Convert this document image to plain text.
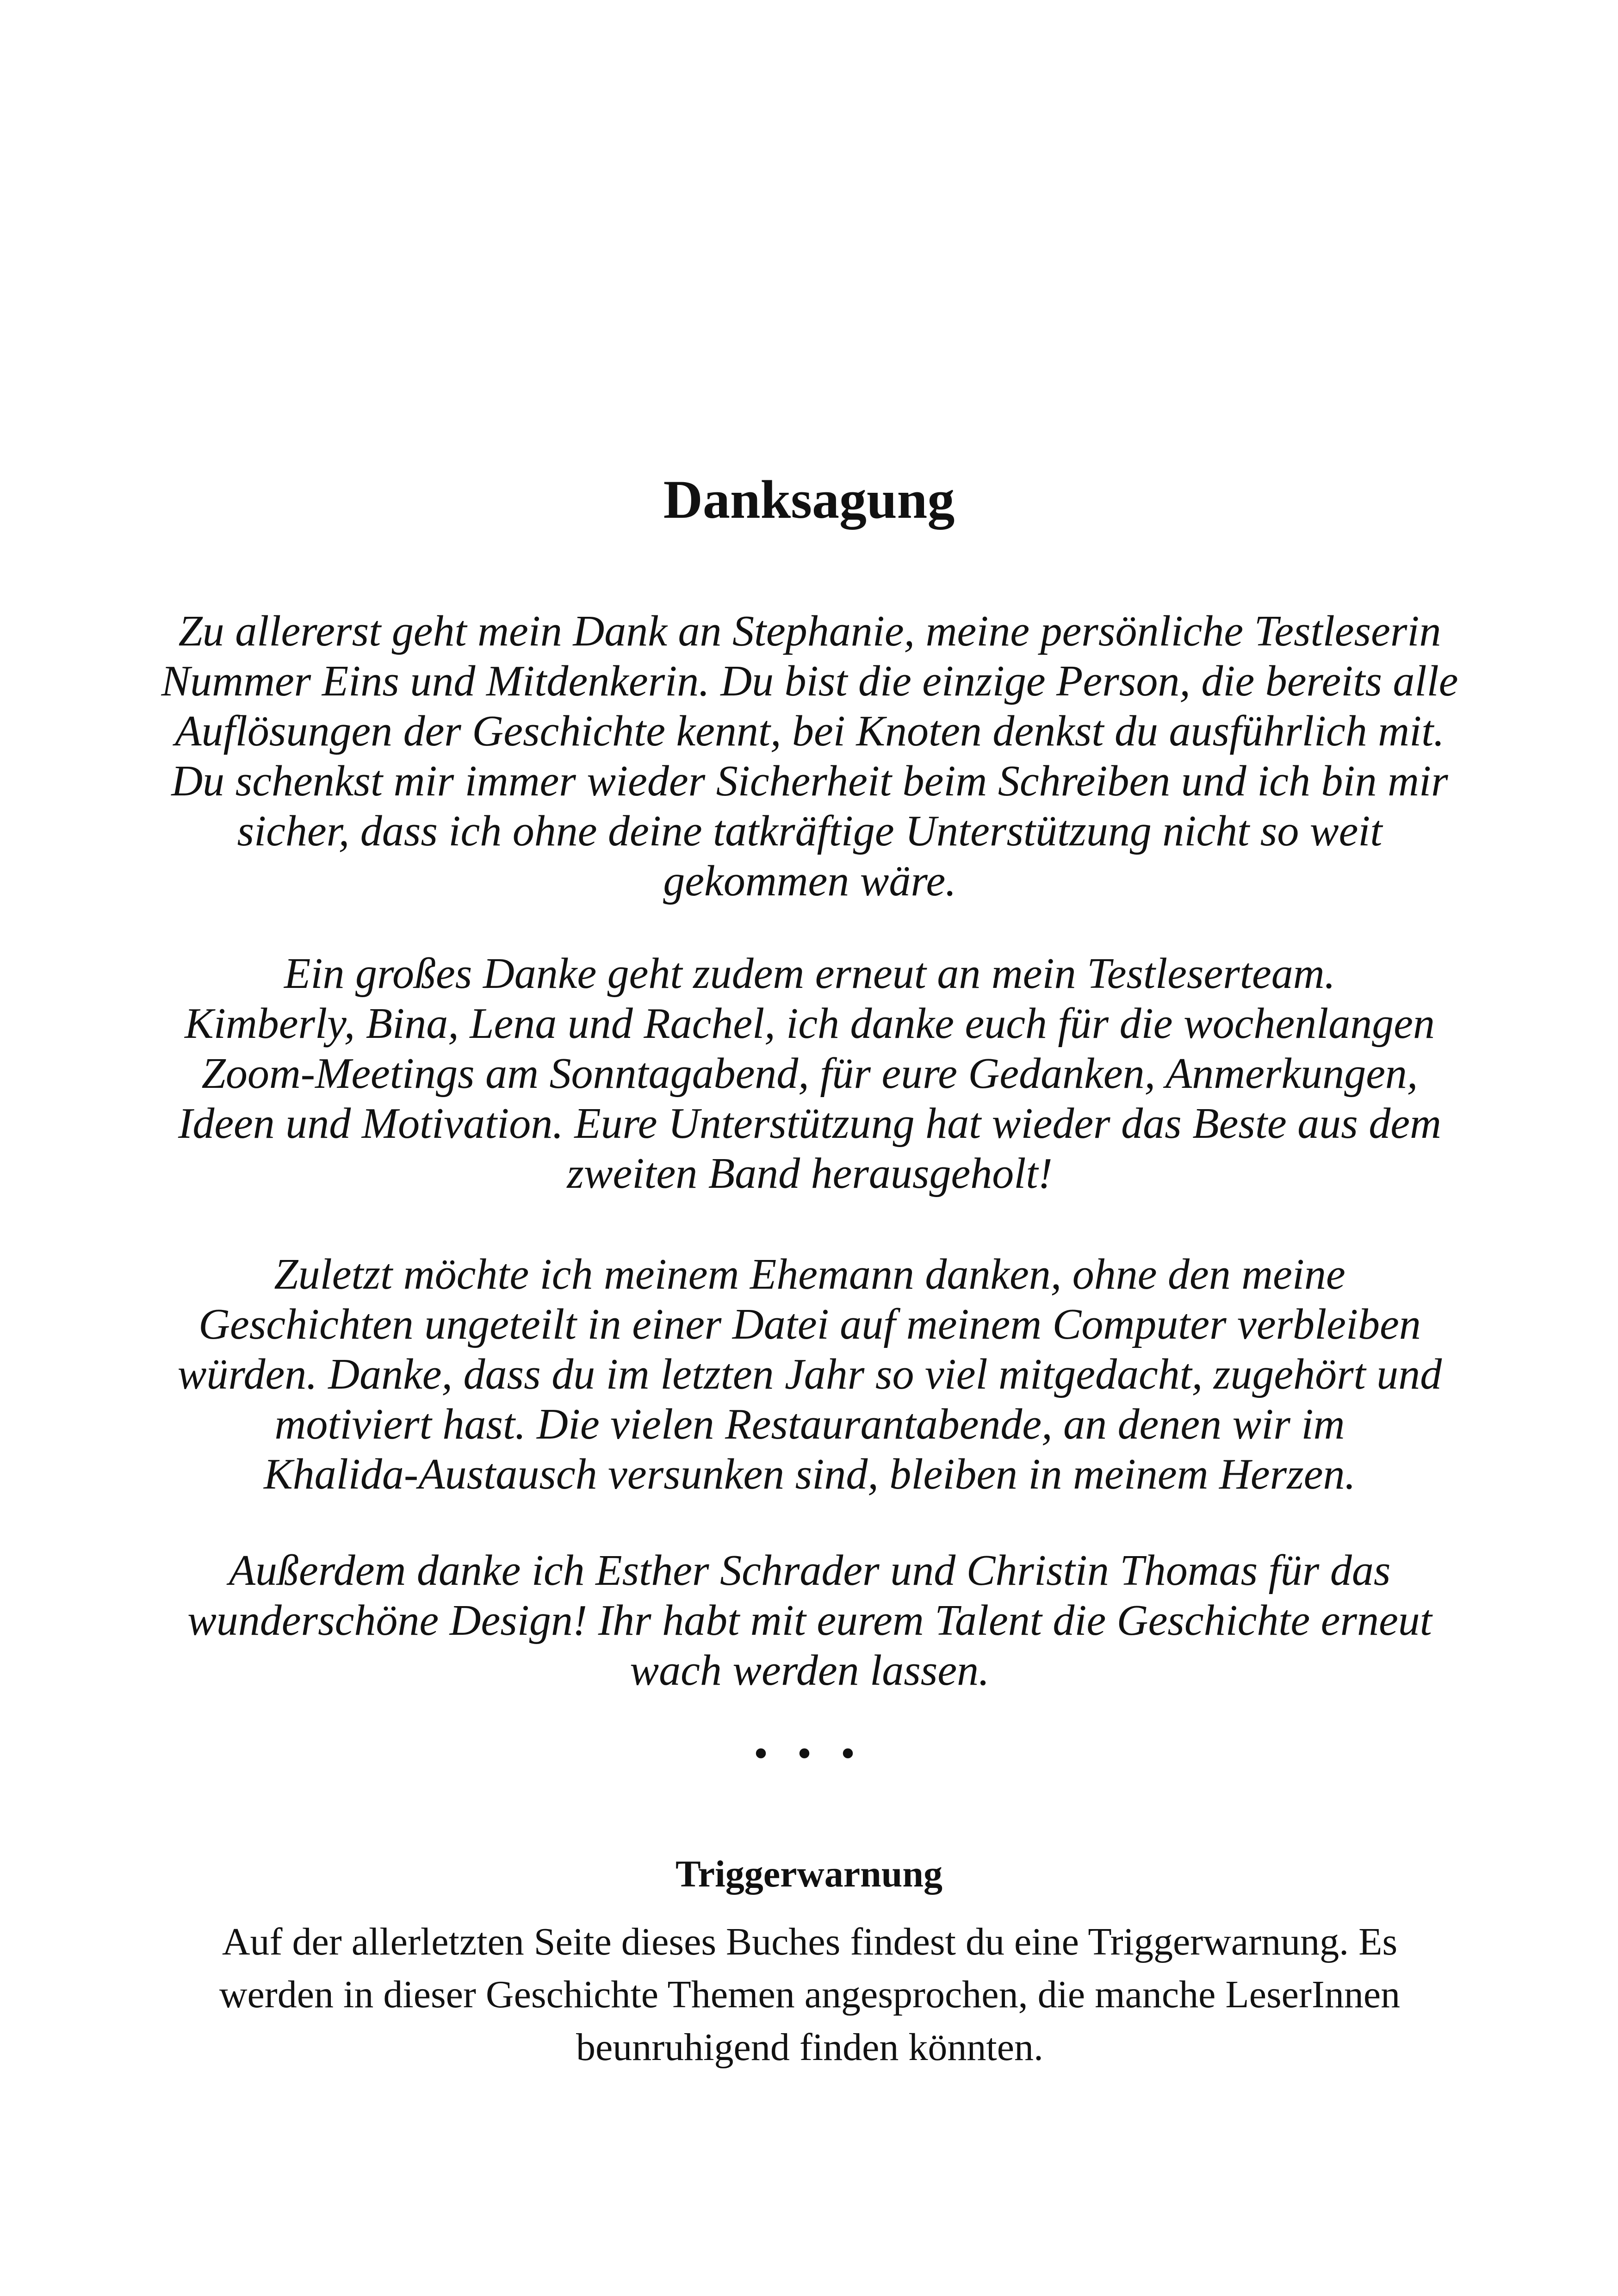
Danksagung

Zu allererst geht mein Dank an Stephanie, meine persönliche Testleserin
Nummer Eins und Mitdenkerin. Du bist die einzige Person, die bereits alle
Auflösungen der Geschichte kennt, bei Knoten denkst du ausführlich mit.
Du schenkst mir immer wieder Sicherheit beim Schreiben und ich bin mir
sicher, dass ich ohne deine tatkräftige Unterstützung nicht so weit
gekommen wäre.

Ein großes Danke geht zudem erneut an mein Testleserteam.
Kimberly, Bina, Lena und Rachel, ich danke euch für die wochenlangen
Zoom-Meetings am Sonntagabend, für eure Gedanken, Anmerkungen,
Ideen und Motivation. Eure Unterstützung hat wieder das Beste aus dem
zweiten Band herausgeholt!

Zuletzt möchte ich meinem Ehemann danken, ohne den meine
Geschichten ungeteilt in einer Datei auf meinem Computer verbleiben
würden. Danke, dass du im letzten Jahr so viel mitgedacht, zugehört und
motiviert hast. Die vielen Restaurantabende, an denen wir im
Khalida-Austausch versunken sind, bleiben in meinem Herzen.

Außerdem danke ich Esther Schrader und Christin Thomas für das
wunderschöne Design! Ihr habt mit eurem Talent die Geschichte erneut
wach werden lassen.

• • •
Triggerwarnung

Auf der allerletzten Seite dieses Buches findest du eine Triggerwarnung. Es
werden in dieser Geschichte Themen angesprochen, die manche LeserInnen
beunruhigend finden könnten.
